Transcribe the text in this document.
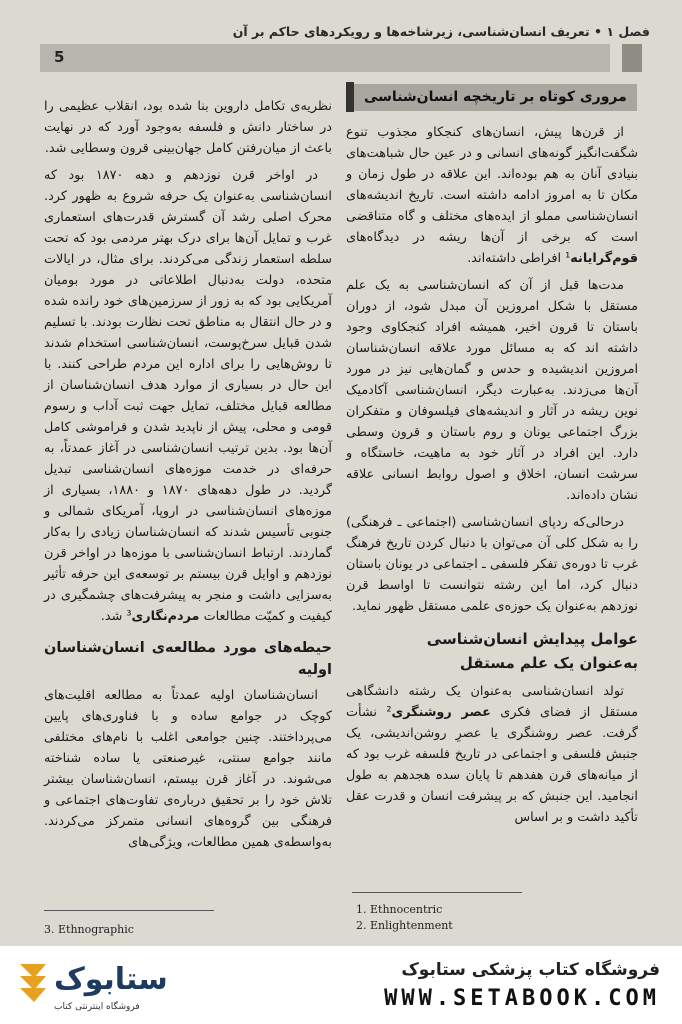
فصل ۱ • تعریف انسان‌شناسی، زیرشاخه‌ها و رویکردهای حاکم بر آن
5
مروری کوتاه بر تاریخچه انسان‌شناسی

از قرن‌ها پیش، انسان‌های کنجکاو مجذوب تنوع شگفت‌انگیز گونه‌های انسانی و در عین حال شباهت‌های بنیادی آنان به هم بوده‌اند. این علاقه در طول زمان و مکان تا به امروز ادامه داشته است. تاریخ اندیشه‌های انسان‌شناسی مملو از ایده‌های مختلف و گاه متناقضی است که برخی از آن‌ها ریشه در دیدگاه‌های قوم‌گرایانه¹ افراطی داشته‌اند.

مدت‌ها قبل از آن که انسان‌شناسی به یک علم مستقل با شکل امروزین آن مبدل شود، از دوران باستان تا قرون اخیر، همیشه افراد کنجکاوی وجود داشته اند که به مسائل مورد علاقه انسان‌شناسان امروزین اندیشیده و حدس و گمان‌هایی نیز در مورد آن‌ها می‌زدند. به‌عبارت دیگر، انسان‌شناسی آکادمیک نوین ریشه در آثار و اندیشه‌های فیلسوفان و متفکران بزرگ اجتماعی یونان و روم باستان و قرون وسطی دارد. این افراد در آثار خود به ماهیت، خاستگاه و سرشت انسان، اخلاق و اصول روابط انسانی علاقه نشان داده‌اند.

درحالی‌که ردپای انسان‌شناسی (اجتماعی ـ فرهنگی) را به شکل کلی آن می‌توان با دنبال کردن تاریخ فرهنگ غرب تا دوره‌ی تفکر فلسفی ـ اجتماعی در یونان باستان دنبال کرد، اما این رشته نتوانست تا اواسط قرن نوزدهم به‌عنوان یک حوزه‌ی علمی مستقل ظهور نماید.

عوامل پیدایش انسان‌شناسی
به‌عنوان یک علم مستقل

تولد انسان‌شناسی به‌عنوان یک رشته دانشگاهی مستقل از فضای فکری عصر روشنگری² نشأت گرفت. عصر روشنگری یا عصرِ روشن‌اندیشی، یک جنبش فلسفی و اجتماعی در تاریخ فلسفه غرب بود که از میانه‌های قرن هفدهم تا پایان سده هجدهم به طول انجامید. این جنبش که بر پیشرفت انسان و قدرت عقل تأکید داشت و بر اساس

نظریه‌ی تکامل داروین بنا شده بود، انقلاب عظیمی را در ساختار دانش و فلسفه به‌وجود آورد که در نهایت باعث از میان‌رفتن کامل جهان‌بینی قرون وسطایی شد.

در اواخر قرن نوزدهم و دهه ۱۸۷۰ بود که انسان‌شناسی به‌عنوان یک حرفه شروع به ظهور کرد. محرک اصلی رشد آن گسترش قدرت‌های استعماری غرب و تمایل آن‌ها برای درک بهتر مردمی بود که تحت سلطه استعمار زندگی می‌کردند. برای مثال، در ایالات متحده، دولت به‌دنبال اطلاعاتی در مورد بومیان آمریکایی بود که به زور از سرزمین‌های خود رانده شده و در حال انتقال به مناطق تحت نظارت بودند. با تسلیم شدن قبایل سرخ‌پوست، انسان‌شناسی استخدام شدند تا روش‌هایی را برای اداره این مردم طراحی کنند. با این حال در بسیاری از موارد هدف انسان‌شناسان از مطالعه قبایل مختلف، تمایل جهت ثبت آداب و رسوم قومی و محلی، پیش از ناپدید شدن و فراموشی کامل آن‌ها بود. بدین ترتیب انسان‌شناسی در آغاز عمدتاً، به حرفه‌ای در خدمت موزه‌های انسان‌شناسی تبدیل گردید. در طول دهه‌های ۱۸۷۰ و ۱۸۸۰، بسیاری از موزه‌های انسان‌شناسی در اروپا، آمریکای شمالی و جنوبی تأسیس شدند که انسان‌شناسان زیادی را به‌کار گماردند. ارتباط انسان‌شناسی با موزه‌ها در اواخر قرن نوزدهم و اوایل قرن بیستم بر توسعه‌ی این حرفه تأثیر به‌سزایی داشت و منجر به پیشرفت‌های چشمگیری در کیفیت و کمیّت مطالعات مردم‌نگاری³ شد.

حیطه‌های مورد مطالعه‌ی انسان‌شناسان اولیه

انسان‌شناسان اولیه عمدتاً به مطالعه اقلیت‌های کوچک در جوامع ساده و با فناوری‌های پایین می‌پرداختند. چنین جوامعی اغلب با نام‌های مختلفی مانند جوامع سنتی، غیرصنعتی یا ساده شناخته می‌شوند. در آغاز قرن بیستم، انسان‌شناسان بیشتر تلاش خود را بر تحقیق درباره‌ی تفاوت‌های اجتماعی و فرهنگی بین گروه‌های انسانی متمرکز می‌کردند. به‌واسطه‌ی همین مطالعات، ویژگی‌های

1. Ethnocentric
2. Enlightenment
3. Ethnographic
ستابوک
فروشگاه اینترنتی کتاب
فروشگاه کتاب پزشکی ستابوک
WWW.SETABOOK.COM
